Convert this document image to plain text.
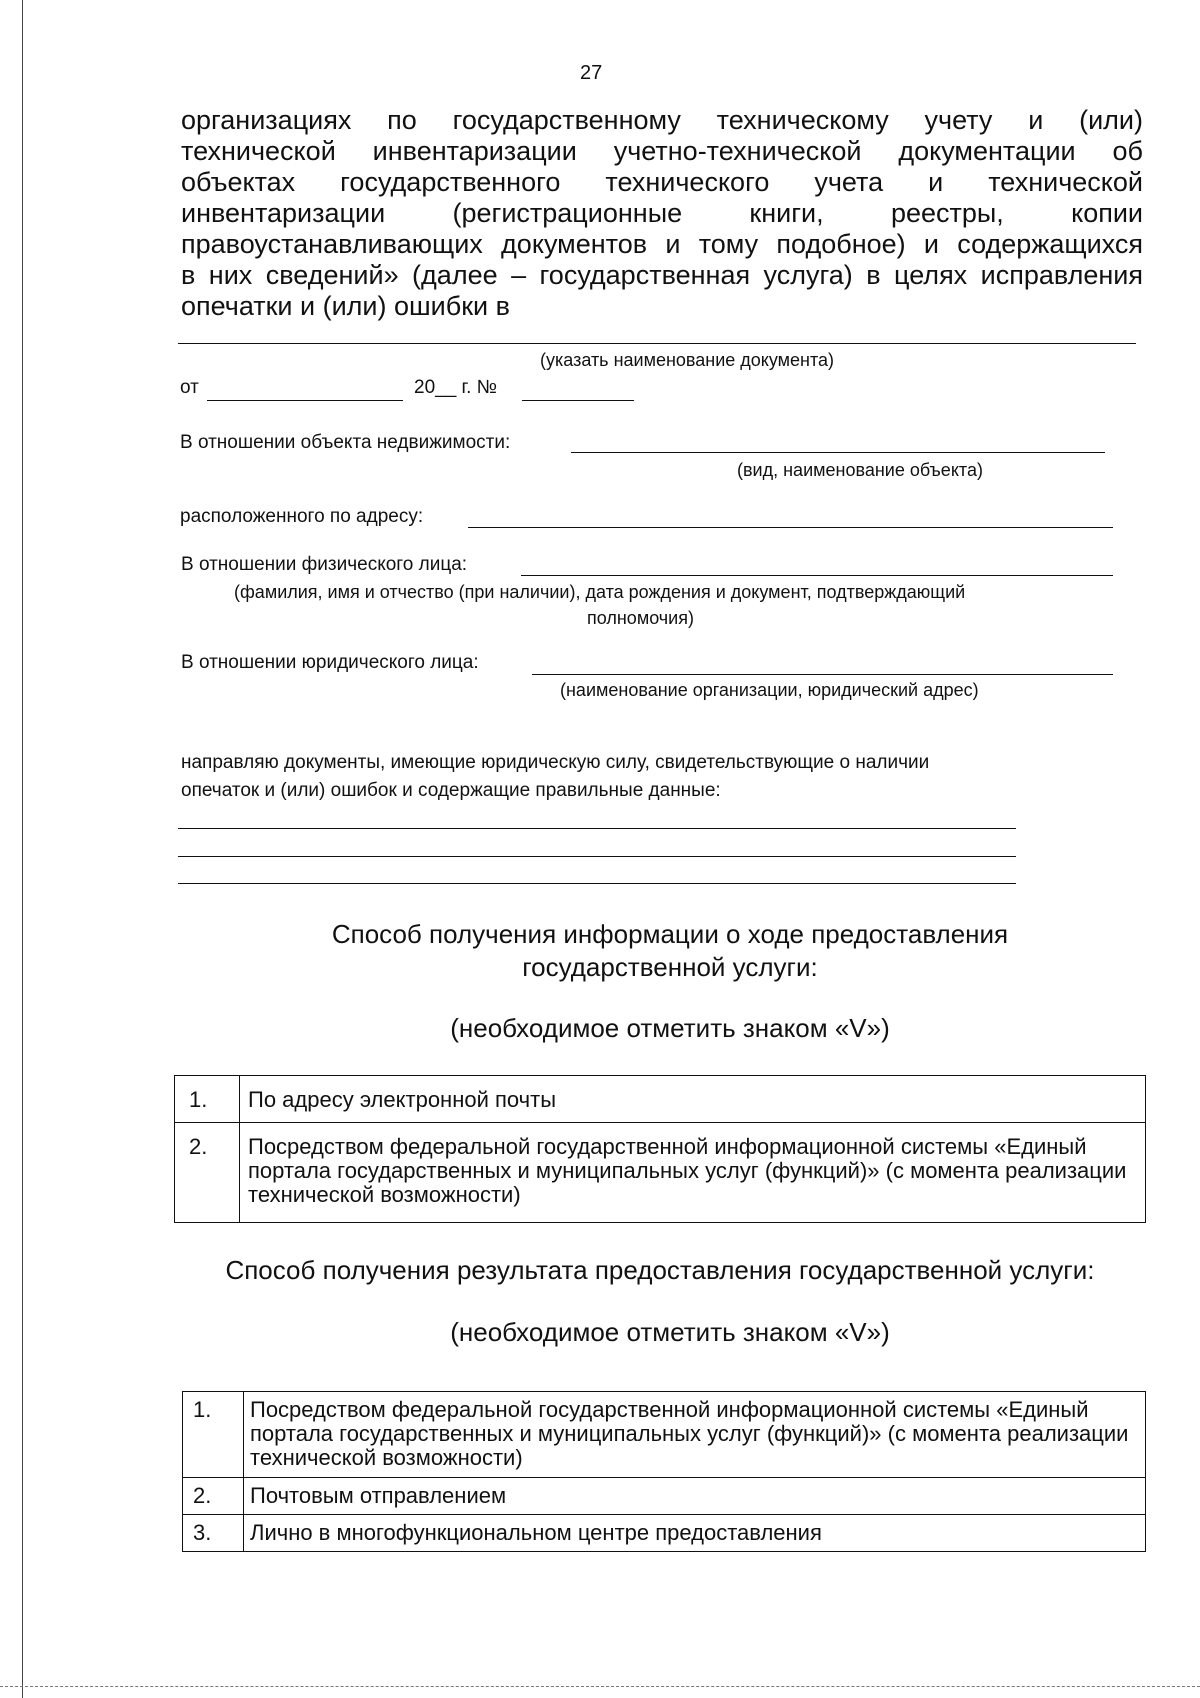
27
организациях по государственному техническому учету и (или)
технической инвентаризации учетно-технической документации об
объектах государственного технического учета и технической
инвентаризации (регистрационные книги, реестры, копии
правоустанавливающих документов и тому подобное) и содержащихся
в них сведений» (далее – государственная услуга) в целях исправления
опечатки и (или) ошибки в
(указать наименование документа)
от	20__ г. №
В отношении объекта недвижимости:
(вид, наименование объекта)
расположенного по адресу:
В отношении физического лица:
(фамилия, имя и отчество (при наличии), дата рождения и документ, подтверждающий
полномочия)
В отношении юридического лица:
(наименование организации, юридический адрес)
направляю документы, имеющие юридическую силу, свидетельствующие о наличии
опечаток и (или) ошибок и содержащие правильные данные:
Способ получения информации о ходе предоставления
государственной услуги:
(необходимое отметить знаком «V»)
1.	По адресу электронной почты
2.	Посредством федеральной государственной информационной системы «Единый портала государственных и муниципальных услуг (функций)» (с момента реализации технической возможности)
Способ получения результата предоставления государственной услуги:
(необходимое отметить знаком «V»)
1.	Посредством федеральной государственной информационной системы «Единый портала государственных и муниципальных услуг (функций)» (с момента реализации технической возможности)
2.	Почтовым отправлением
3.	Лично в многофункциональном центре предоставления
